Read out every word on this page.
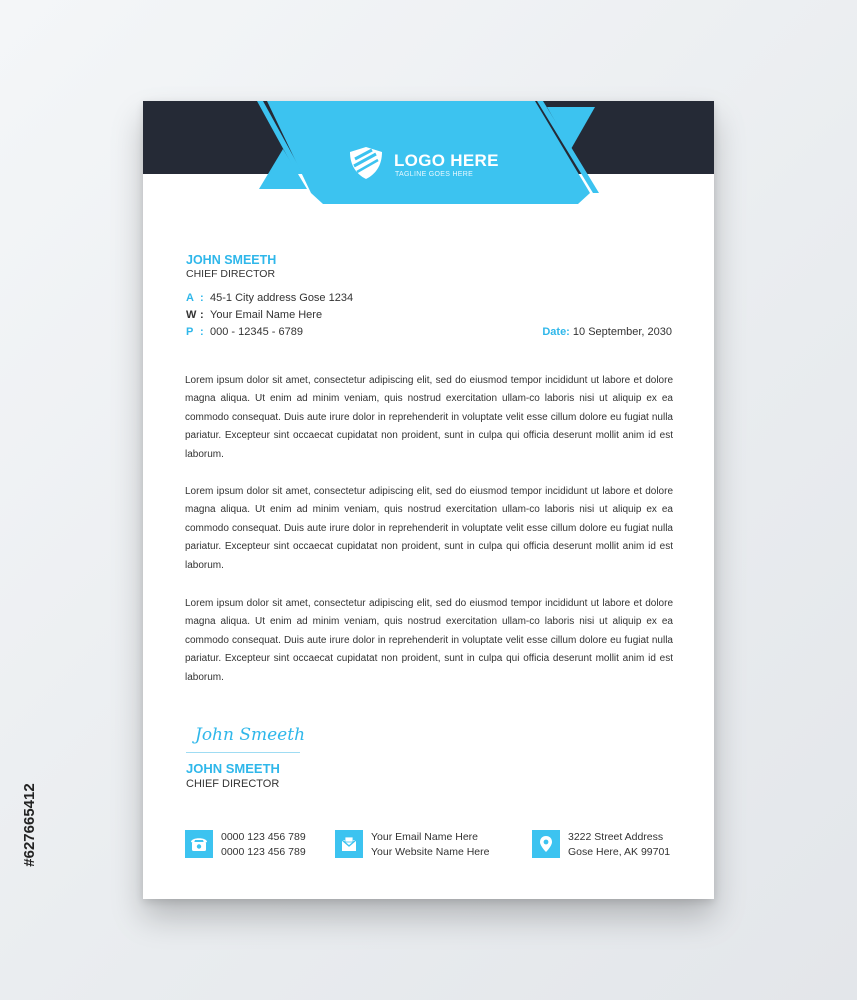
#627665412
LOGO HERE
TAGLINE GOES HERE
JOHN SMEETH
CHIEF DIRECTOR
A : 45-1 City address Gose 1234
W : Your Email Name Here
P : 000 - 12345 - 6789	Date: 10 September, 2030
Lorem ipsum dolor sit amet, consectetur adipiscing elit, sed do eiusmod tempor incididunt ut labore et dolore magna aliqua. Ut enim ad minim veniam, quis nostrud exercitation ullam-co laboris nisi ut aliquip ex ea commodo consequat. Duis aute irure dolor in reprehenderit in voluptate velit esse cillum dolore eu fugiat nulla pariatur. Excepteur sint occaecat cupidatat non proident, sunt in culpa qui officia deserunt mollit anim id est laborum.
Lorem ipsum dolor sit amet, consectetur adipiscing elit, sed do eiusmod tempor incididunt ut labore et dolore magna aliqua. Ut enim ad minim veniam, quis nostrud exercitation ullam-co laboris nisi ut aliquip ex ea commodo consequat. Duis aute irure dolor in reprehenderit in voluptate velit esse cillum dolore eu fugiat nulla pariatur. Excepteur sint occaecat cupidatat non proident, sunt in culpa qui officia deserunt mollit anim id est laborum.
Lorem ipsum dolor sit amet, consectetur adipiscing elit, sed do eiusmod tempor incididunt ut labore et dolore magna aliqua. Ut enim ad minim veniam, quis nostrud exercitation ullam-co laboris nisi ut aliquip ex ea commodo consequat. Duis aute irure dolor in reprehenderit in voluptate velit esse cillum dolore eu fugiat nulla pariatur. Excepteur sint occaecat cupidatat non proident, sunt in culpa qui officia deserunt mollit anim id est laborum.
John Smeeth
JOHN SMEETH
CHIEF DIRECTOR
0000 123 456 789
0000 123 456 789
Your Email Name Here
Your Website Name Here
3222 Street Address
Gose Here, AK 99701
